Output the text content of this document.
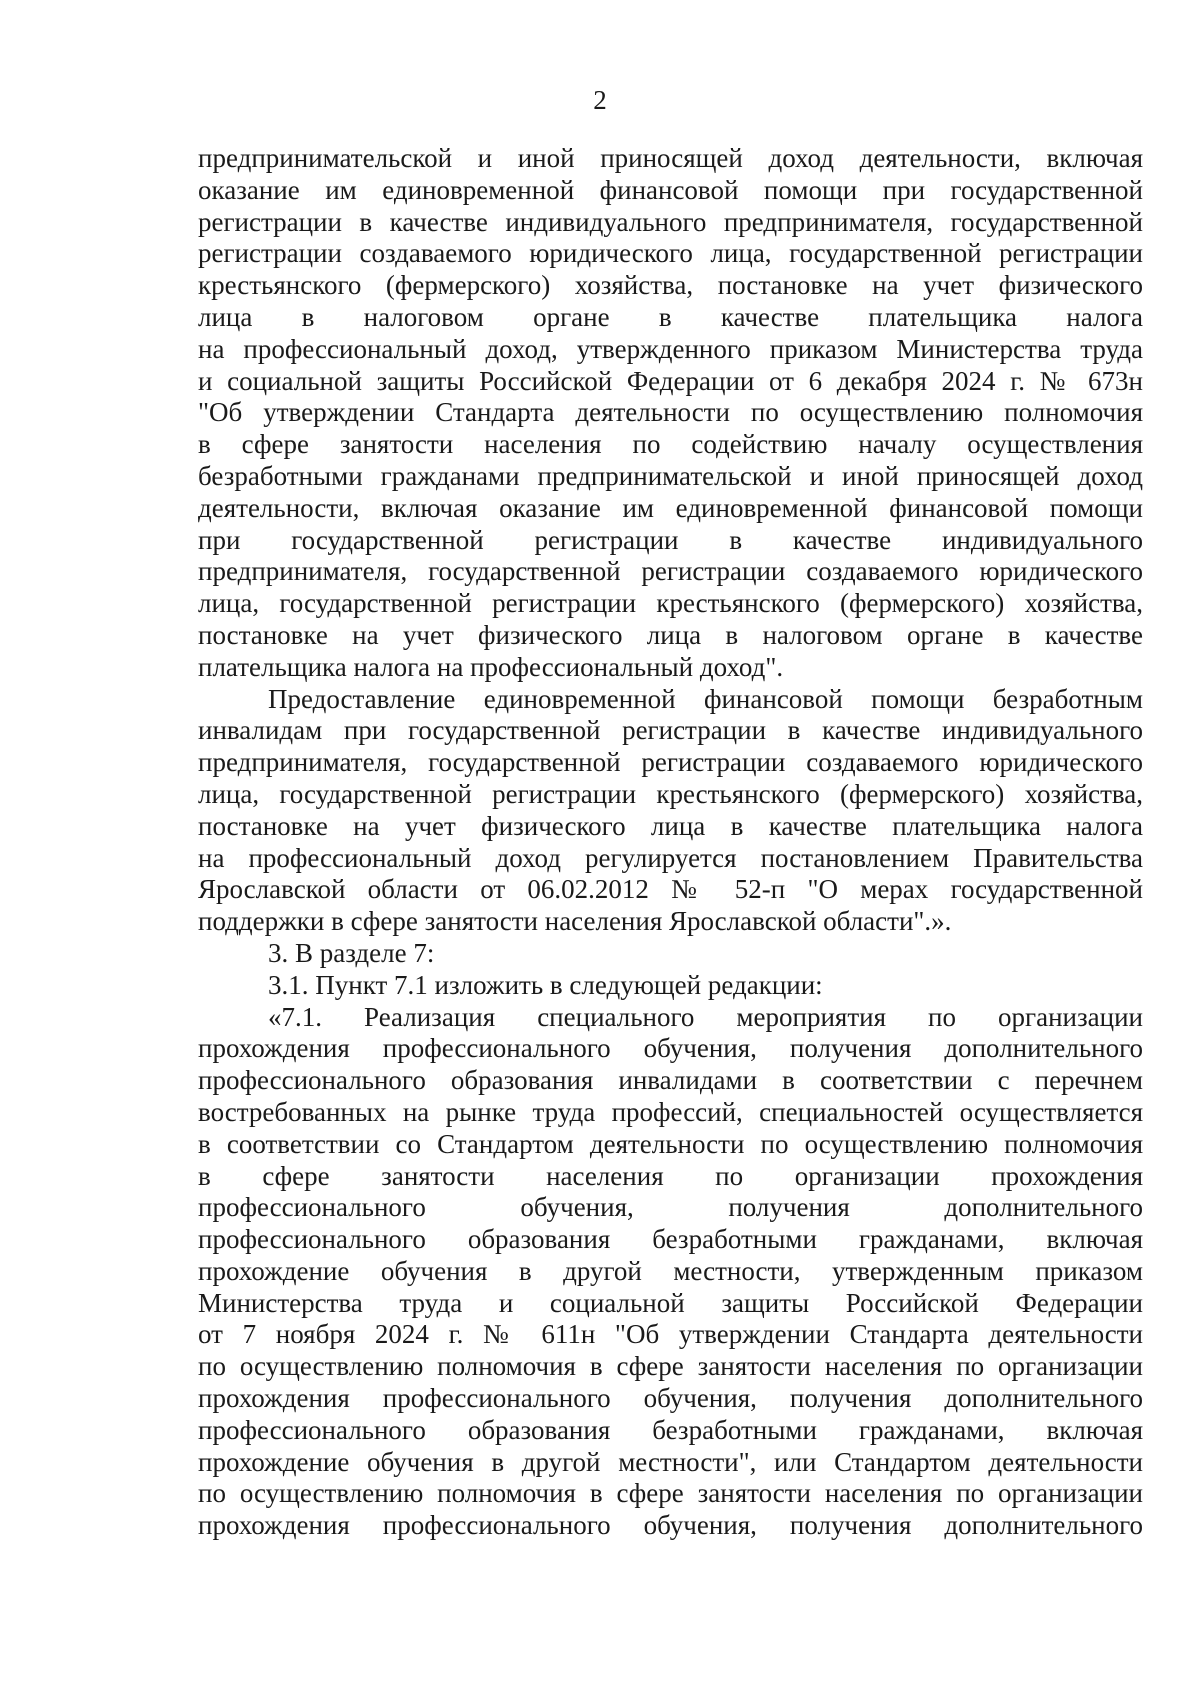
2
предпринимательской и иной приносящей доход деятельности, включая
оказание им единовременной финансовой помощи при государственной
регистрации в качестве индивидуального предпринимателя, государственной
регистрации создаваемого юридического лица, государственной регистрации
крестьянского (фермерского) хозяйства, постановке на учет физического
лица в налоговом органе в качестве плательщика налога
на профессиональный доход, утвержденного приказом Министерства труда
и социальной защиты Российской Федерации от 6 декабря 2024 г. № 673н
"Об утверждении Стандарта деятельности по осуществлению полномочия
в сфере занятости населения по содействию началу осуществления
безработными гражданами предпринимательской и иной приносящей доход
деятельности, включая оказание им единовременной финансовой помощи
при государственной регистрации в качестве индивидуального
предпринимателя, государственной регистрации создаваемого юридического
лица, государственной регистрации крестьянского (фермерского) хозяйства,
постановке на учет физического лица в налоговом органе в качестве
плательщика налога на профессиональный доход".
Предоставление единовременной финансовой помощи безработным
инвалидам при государственной регистрации в качестве индивидуального
предпринимателя, государственной регистрации создаваемого юридического
лица, государственной регистрации крестьянского (фермерского) хозяйства,
постановке на учет физического лица в качестве плательщика налога
на профессиональный доход регулируется постановлением Правительства
Ярославской области от 06.02.2012 № 52-п "О мерах государственной
поддержки в сфере занятости населения Ярославской области".».
3. В разделе 7:
3.1. Пункт 7.1 изложить в следующей редакции:
«7.1. Реализация специального мероприятия по организации
прохождения профессионального обучения, получения дополнительного
профессионального образования инвалидами в соответствии с перечнем
востребованных на рынке труда профессий, специальностей осуществляется
в соответствии со Стандартом деятельности по осуществлению полномочия
в сфере занятости населения по организации прохождения
профессионального обучения, получения дополнительного
профессионального образования безработными гражданами, включая
прохождение обучения в другой местности, утвержденным приказом
Министерства труда и социальной защиты Российской Федерации
от 7 ноября 2024 г. № 611н "Об утверждении Стандарта деятельности
по осуществлению полномочия в сфере занятости населения по организации
прохождения профессионального обучения, получения дополнительного
профессионального образования безработными гражданами, включая
прохождение обучения в другой местности", или Стандартом деятельности
по осуществлению полномочия в сфере занятости населения по организации
прохождения профессионального обучения, получения дополнительного
